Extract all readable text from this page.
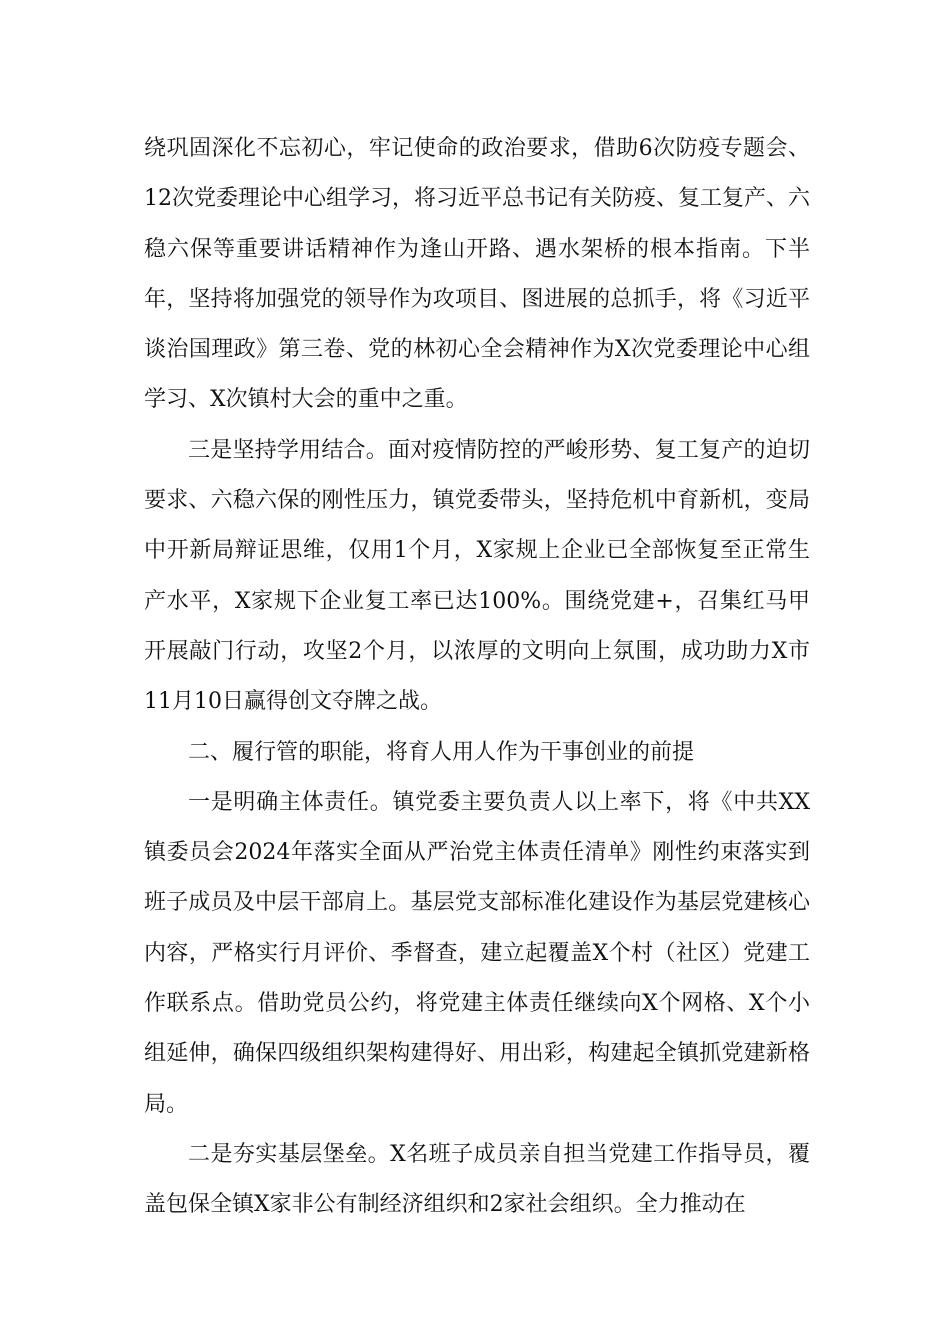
绕巩固深化不忘初心，牢记使命的政治要求，借助6次防疫专题会、12次党委理论中心组学习，将习近平总书记有关防疫、复工复产、六稳六保等重要讲话精神作为逢山开路、遇水架桥的根本指南。下半年，坚持将加强党的领导作为攻项目、图进展的总抓手，将《习近平谈治国理政》第三卷、党的林初心全会精神作为X次党委理论中心组学习、X次镇村大会的重中之重。

三是坚持学用结合。面对疫情防控的严峻形势、复工复产的迫切要求、六稳六保的刚性压力，镇党委带头，坚持危机中育新机，变局中开新局辩证思维，仅用1个月，X家规上企业已全部恢复至正常生产水平，X家规下企业复工率已达100%。围绕党建+，召集红马甲开展敲门行动，攻坚2个月，以浓厚的文明向上氛围，成功助力X市11月10日赢得创文夺牌之战。

二、履行管的职能，将育人用人作为干事创业的前提

一是明确主体责任。镇党委主要负责人以上率下，将《中共XX镇委员会2024年落实全面从严治党主体责任清单》刚性约束落实到班子成员及中层干部肩上。基层党支部标准化建设作为基层党建核心内容，严格实行月评价、季督查，建立起覆盖X个村（社区）党建工作联系点。借助党员公约，将党建主体责任继续向X个网格、X个小组延伸，确保四级组织架构建得好、用出彩，构建起全镇抓党建新格局。

二是夯实基层堡垒。X名班子成员亲自担当党建工作指导员，覆盖包保全镇X家非公有制经济组织和2家社会组织。全力推动在
